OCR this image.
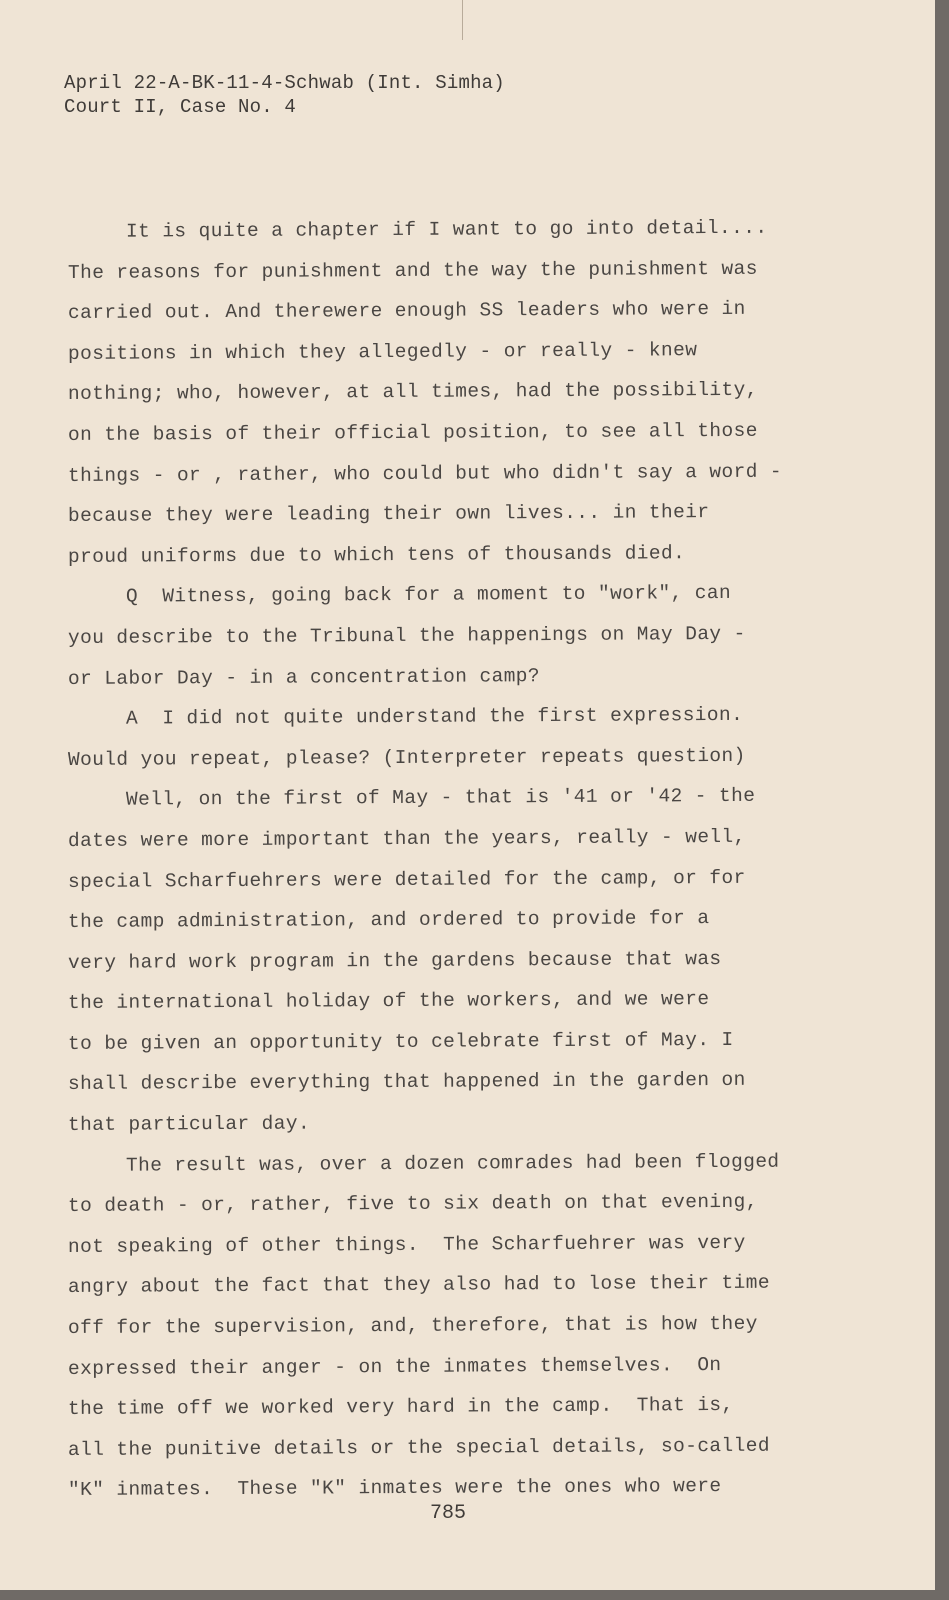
April 22-A-BK-11-4-Schwab (Int. Simha)
Court II, Case No. 4
It is quite a chapter if I want to go into detail....
The reasons for punishment and the way the punishment was
carried out. And therewere enough SS leaders who were in
positions in which they allegedly - or really - knew
nothing; who, however, at all times, had the possibility,
on the basis of their official position, to see all those
things - or , rather, who could but who didn't say a word -
because they were leading their own lives... in their
proud uniforms due to which tens of thousands died.
Q  Witness, going back for a moment to "work", can
you describe to the Tribunal the happenings on May Day -
or Labor Day - in a concentration camp?
A  I did not quite understand the first expression.
Would you repeat, please? (Interpreter repeats question)
Well, on the first of May - that is '41 or '42 - the
dates were more important than the years, really - well,
special Scharfuehrers were detailed for the camp, or for
the camp administration, and ordered to provide for a
very hard work program in the gardens because that was
the international holiday of the workers, and we were
to be given an opportunity to celebrate first of May. I
shall describe everything that happened in the garden on
that particular day.
The result was, over a dozen comrades had been flogged
to death - or, rather, five to six death on that evening,
not speaking of other things.  The Scharfuehrer was very
angry about the fact that they also had to lose their time
off for the supervision, and, therefore, that is how they
expressed their anger - on the inmates themselves.  On
the time off we worked very hard in the camp.  That is,
all the punitive details or the special details, so-called
"K" inmates.  These "K" inmates were the ones who were
785
